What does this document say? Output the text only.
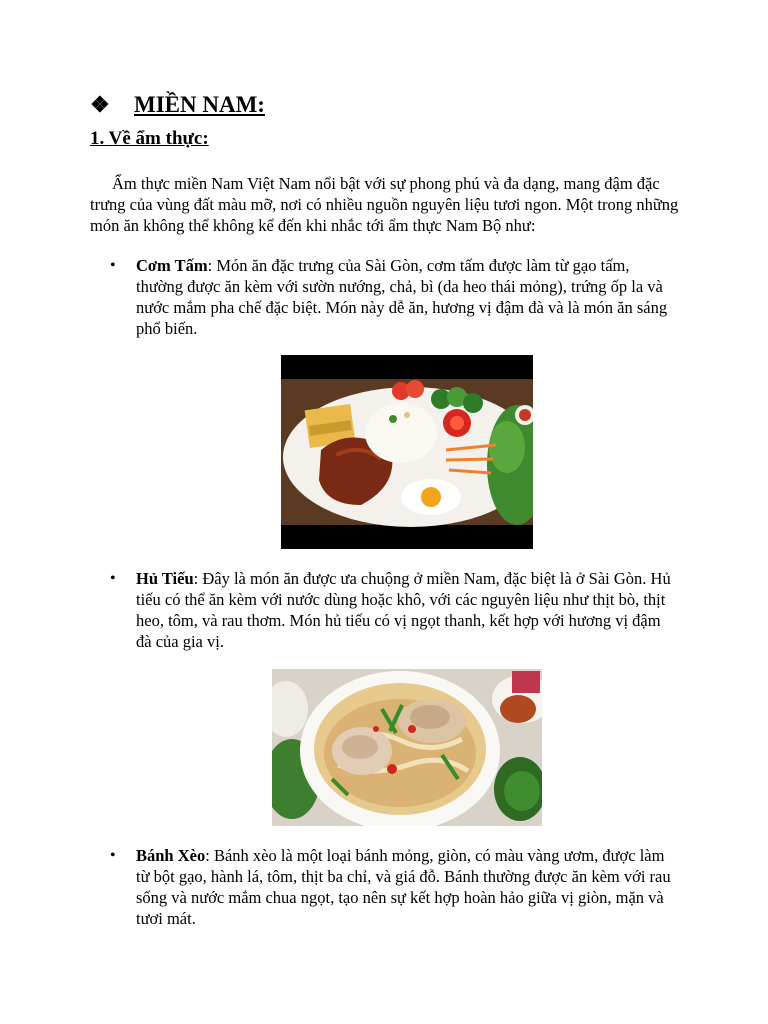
❖	MIỀN NAM:
1. Về ẩm thực:

Ẩm thực miền Nam Việt Nam nổi bật với sự phong phú và đa dạng, mang đậm đặc trưng của vùng đất màu mỡ, nơi có nhiều nguồn nguyên liệu tươi ngon. Một trong những món ăn không thể không kể đến khi nhắc tới ẩm thực Nam Bộ như:

•	Cơm Tấm: Món ăn đặc trưng của Sài Gòn, cơm tấm được làm từ gạo tấm, thường được ăn kèm với sườn nướng, chả, bì (da heo thái mỏng), trứng ốp la và nước mắm pha chế đặc biệt. Món này dễ ăn, hương vị đậm đà và là món ăn sáng phổ biến.
•	Hủ Tiếu: Đây là món ăn được ưa chuộng ở miền Nam, đặc biệt là ở Sài Gòn. Hủ tiếu có thể ăn kèm với nước dùng hoặc khô, với các nguyên liệu như thịt bò, thịt heo, tôm, và rau thơm. Món hủ tiếu có vị ngọt thanh, kết hợp với hương vị đậm đà của gia vị.
•	Bánh Xèo: Bánh xèo là một loại bánh mỏng, giòn, có màu vàng ươm, được làm từ bột gạo, hành lá, tôm, thịt ba chỉ, và giá đỗ. Bánh thường được ăn kèm với rau sống và nước mắm chua ngọt, tạo nên sự kết hợp hoàn hảo giữa vị giòn, mặn và tươi mát.
